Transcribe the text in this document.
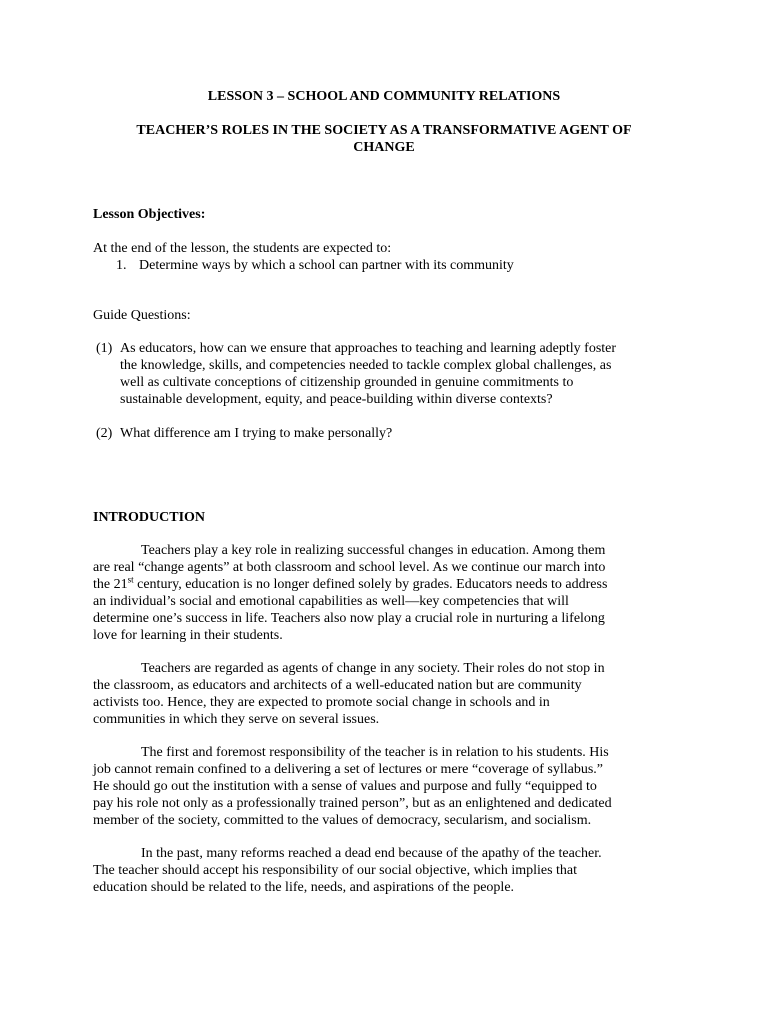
LESSON 3 – SCHOOL AND COMMUNITY RELATIONS
TEACHER’S ROLES IN THE SOCIETY AS A TRANSFORMATIVE AGENT OF
CHANGE
Lesson Objectives:
At the end of the lesson, the students are expected to:
1. Determine ways by which a school can partner with its community
Guide Questions:
(1) As educators, how can we ensure that approaches to teaching and learning adeptly foster
the knowledge, skills, and competencies needed to tackle complex global challenges, as
well as cultivate conceptions of citizenship grounded in genuine commitments to
sustainable development, equity, and peace-building within diverse contexts?
(2) What difference am I trying to make personally?
INTRODUCTION
Teachers play a key role in realizing successful changes in education. Among them
are real “change agents” at both classroom and school level. As we continue our march into
the 21st century, education is no longer defined solely by grades. Educators needs to address
an individual’s social and emotional capabilities as well—key competencies that will
determine one’s success in life. Teachers also now play a crucial role in nurturing a lifelong
love for learning in their students.
Teachers are regarded as agents of change in any society. Their roles do not stop in
the classroom, as educators and architects of a well-educated nation but are community
activists too. Hence, they are expected to promote social change in schools and in
communities in which they serve on several issues.
The first and foremost responsibility of the teacher is in relation to his students. His
job cannot remain confined to a delivering a set of lectures or mere “coverage of syllabus.”
He should go out the institution with a sense of values and purpose and fully “equipped to
pay his role not only as a professionally trained person”, but as an enlightened and dedicated
member of the society, committed to the values of democracy, secularism, and socialism.
In the past, many reforms reached a dead end because of the apathy of the teacher.
The teacher should accept his responsibility of our social objective, which implies that
education should be related to the life, needs, and aspirations of the people.
